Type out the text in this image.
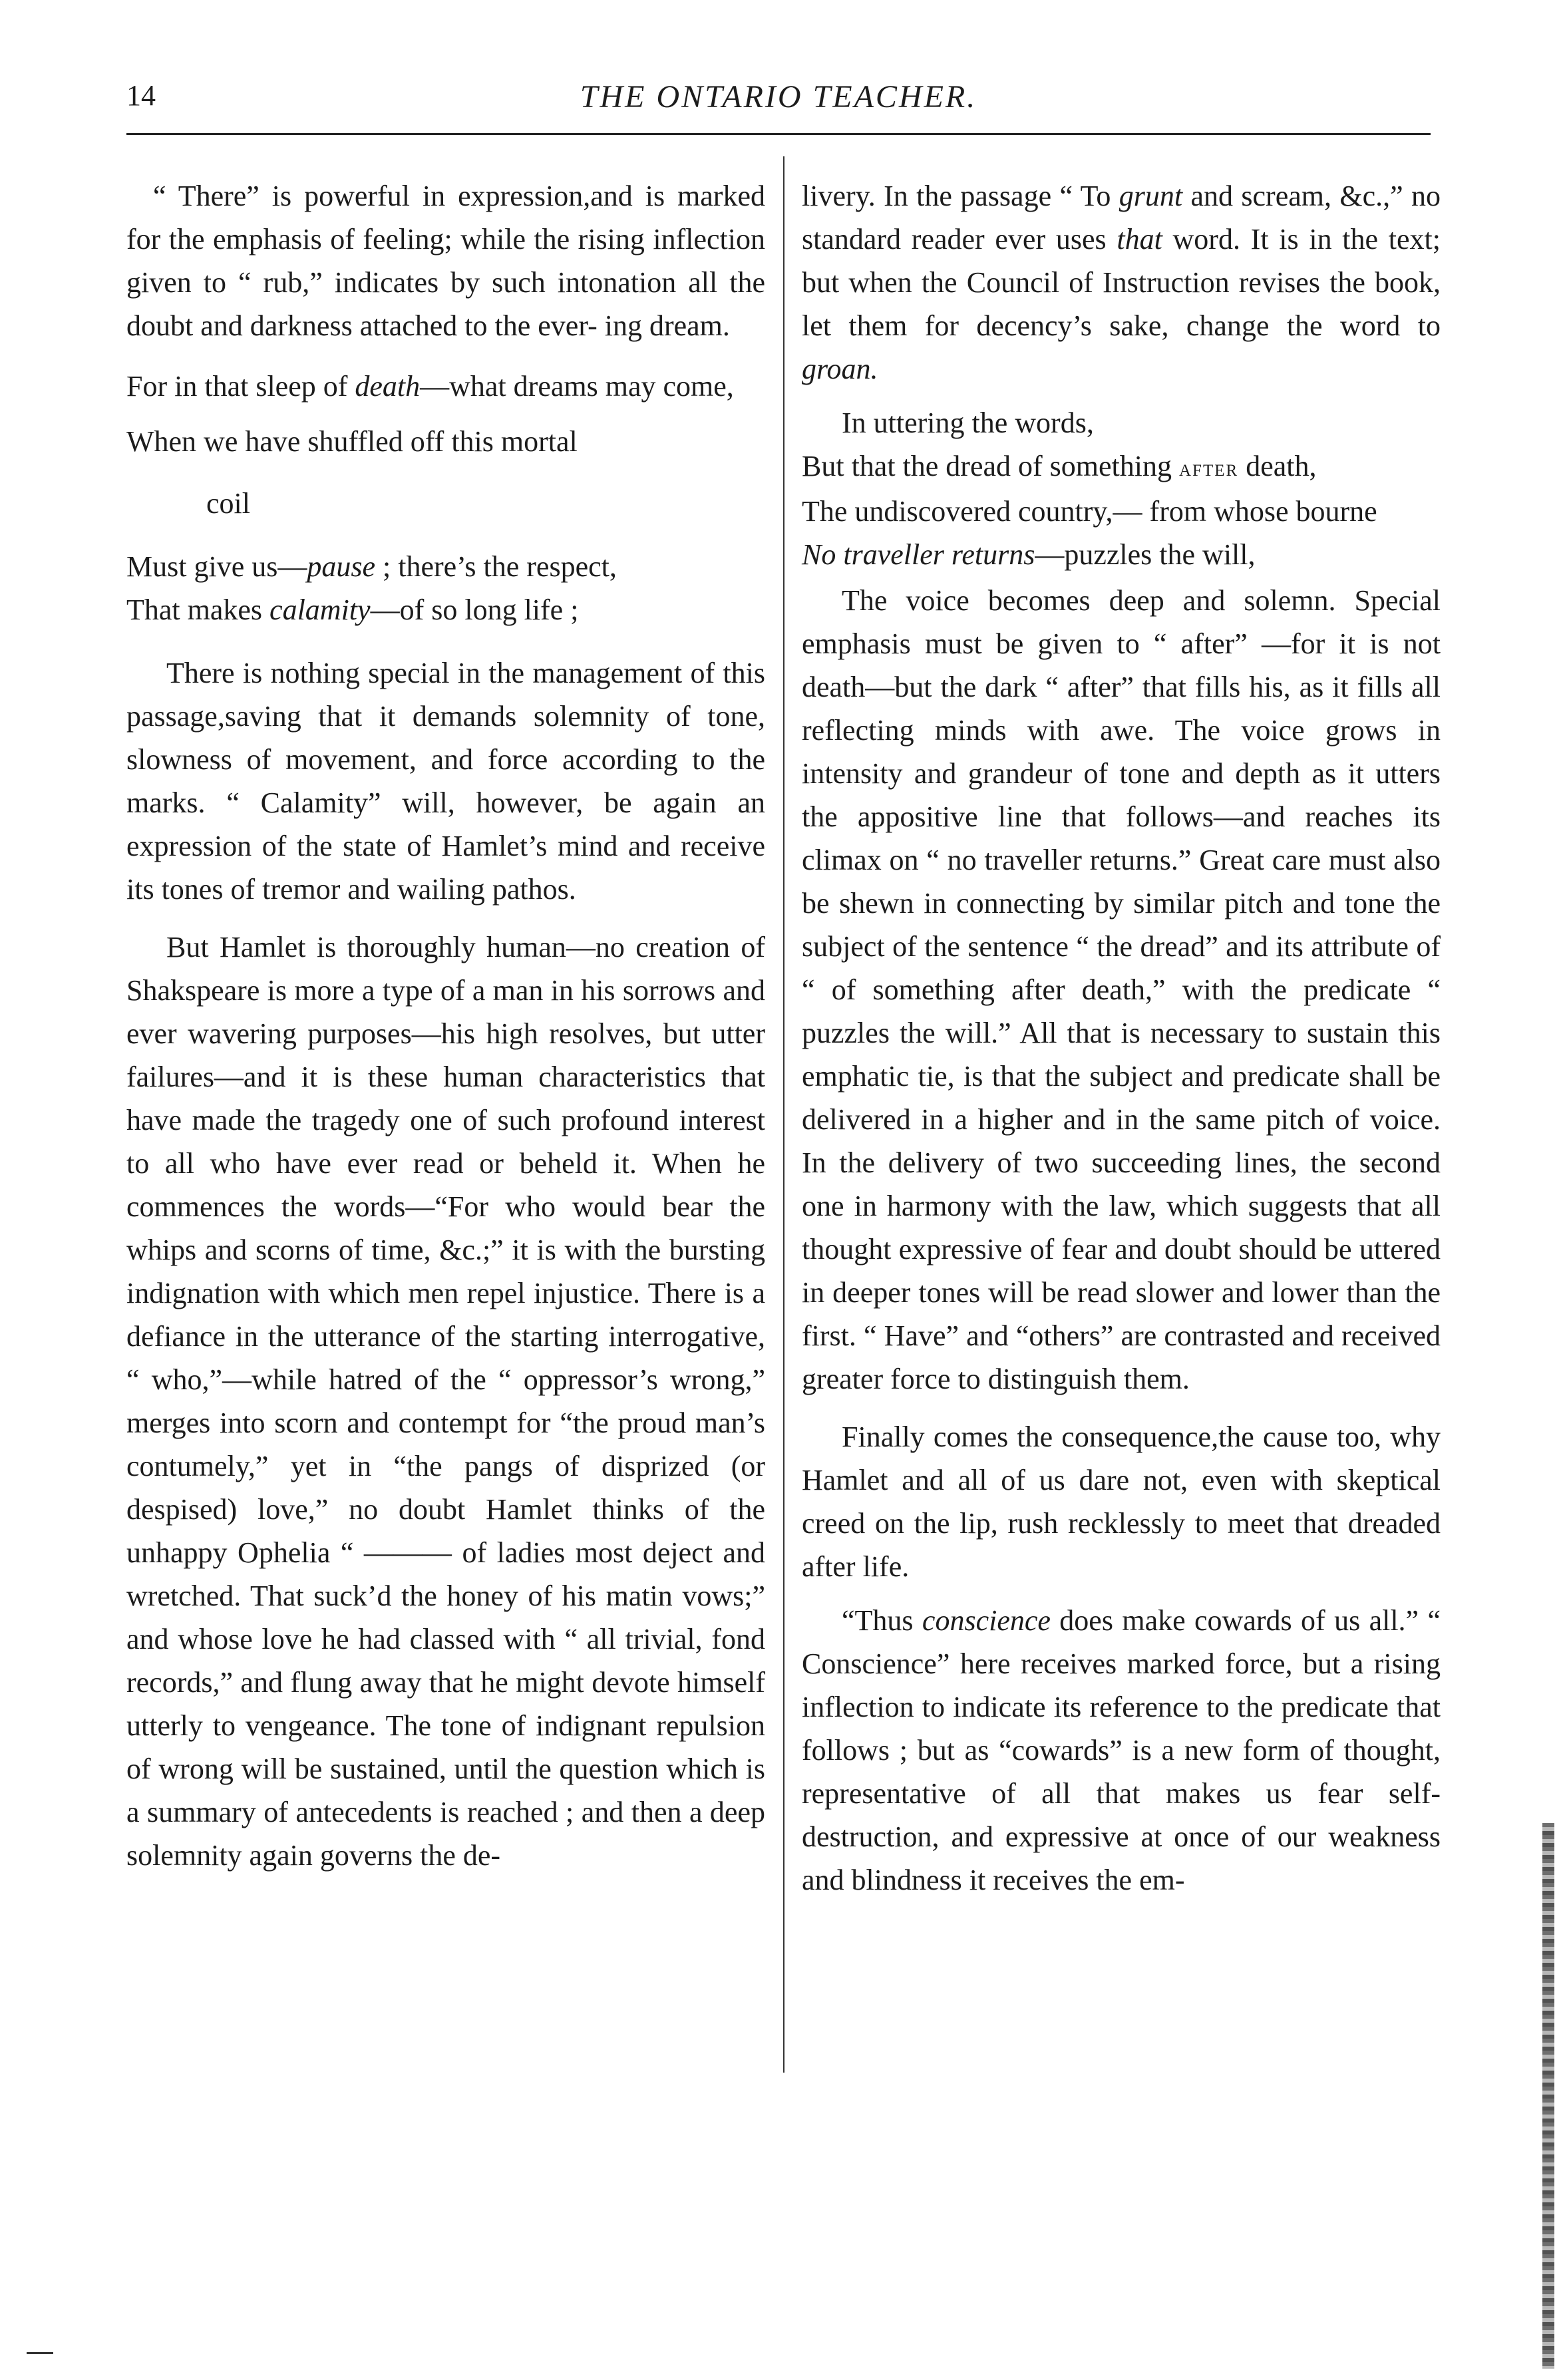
14	THE ONTARIO TEACHER.

“ There” is powerful in expression,and is marked for the emphasis of feeling; while the rising inflection given to “ rub,” indicates by such intonation all the doubt and darkness attached to the ever- ing dream.

For in that sleep of death—what dreams may come,

When we have shuffled off this mortal

coil

Must give us—pause ; there’s the respect,

That makes calamity—of so long life ;

There is nothing special in the management of this passage,saving that it demands solemnity of tone, slowness of movement, and force according to the marks. “ Calamity” will, however, be again an expression of the state of Hamlet’s mind and receive its tones of tremor and wailing pathos.

But Hamlet is thoroughly human—no creation of Shakspeare is more a type of a man in his sorrows and ever wavering purposes—his high resolves, but utter failures—and it is these human characteristics that have made the tragedy one of such profound interest to all who have ever read or beheld it. When he commences the words—“For who would bear the whips and scorns of time, &c.;” it is with the bursting indignation with which men repel injustice. There is a defiance in the utterance of the starting interrogative, “ who,”—while hatred of the “ oppressor’s wrong,” merges into scorn and contempt for “the proud man’s contumely,” yet in “the pangs of disprized (or despised) love,” no doubt Hamlet thinks of the unhappy Ophelia “ ——— of ladies most deject and wretched. That suck’d the honey of his matin vows;” and whose love he had classed with “ all trivial, fond records,” and flung away that he might devote himself utterly to vengeance. The tone of indignant repulsion of wrong will be sustained, until the question which is a summary of antecedents is reached ; and then a deep solemnity again governs the de-

livery. In the passage “ To grunt and scream, &c.,” no standard reader ever uses that word. It is in the text; but when the Council of Instruction revises the book, let them for decency’s sake, change the word to groan.

In uttering the words,

But that the dread of something after death,

The undiscovered country,— from whose bourne

No traveller returns—puzzles the will,

The voice becomes deep and solemn. Special emphasis must be given to “ after” —for it is not death—but the dark “ after” that fills his, as it fills all reflecting minds with awe. The voice grows in intensity and grandeur of tone and depth as it utters the appositive line that follows—and reaches its climax on “ no traveller returns.” Great care must also be shewn in connecting by similar pitch and tone the subject of the sentence “ the dread” and its attribute of “ of something after death,” with the predicate “ puzzles the will.” All that is necessary to sustain this emphatic tie, is that the subject and predicate shall be delivered in a higher and in the same pitch of voice. In the delivery of two succeeding lines, the second one in harmony with the law, which suggests that all thought expressive of fear and doubt should be uttered in deeper tones will be read slower and lower than the first. “ Have” and “others” are contrasted and received greater force to distinguish them.

Finally comes the consequence,the cause too, why Hamlet and all of us dare not, even with skeptical creed on the lip, rush recklessly to meet that dreaded after life.

“Thus conscience does make cowards of us all.” “ Conscience” here receives marked force, but a rising inflection to indicate its reference to the predicate that follows ; but as “cowards” is a new form of thought, representative of all that makes us fear self-destruction, and expressive at once of our weakness and blindness it receives the em-
